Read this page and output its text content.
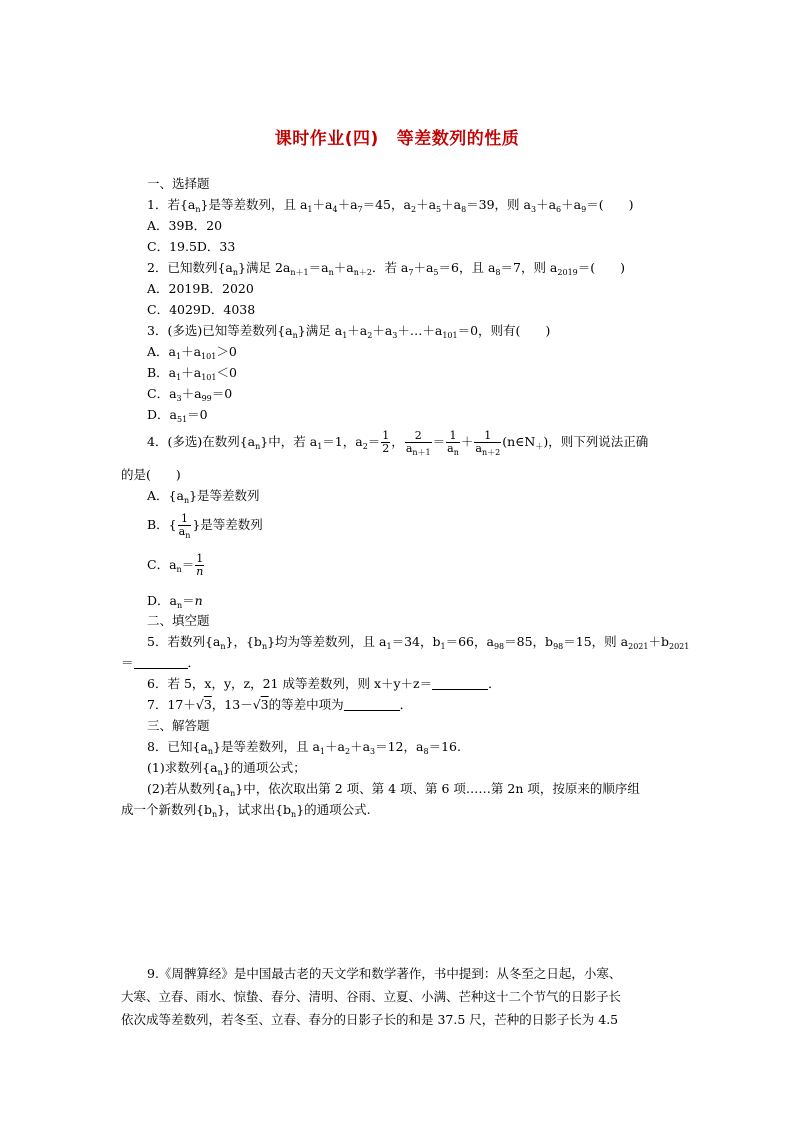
课时作业(四) 等差数列的性质
一、选择题
1．若$\{a_n\}$是等差数列，且 $a_1+a_4+a_7=45$，$a_2+a_5+a_8=39$，则 $a_3+a_6+a_9=$(　　)
A．39B．20
C．19.5D．33
2．已知数列$\{a_n\}$满足 $2a_{n+1}=a_n+a_{n+2}$．若 $a_7+a_5=6$，且 $a_8=7$，则 $a_{2019}=$(　　)
A．2019B．2020
C．4029D．4038
3．(多选)已知等差数列$\{a_n\}$满足 $a_1+a_2+a_3+\dots+a_{101}=0$，则有(　　)
A．$a_1+a_{101}>0$
B．$a_1+a_{101}<0$
C．$a_3+a_{99}=0$
D．$a_{51}=0$
4．(多选)在数列$\{a_n\}$中，若 $a_1=1$，$a_2= \frac{1}{2}$ ， $\frac{2}{a_{n+1}} = \frac{1}{a_n} + \frac{1}{a_{n+2}}$ $(n\in N_+)$，则下列说法正确
的是(　　)
A．$\{a_n\}$是等差数列
B．{ $\frac{1}{a_n}$ }是等差数列
C．$a_n= \frac{1}{n}$
D．$a_n=n$
二、填空题
5．若数列$\{a_n\}$，$\{b_n\}$均为等差数列，且 $a_1=34$，$b_1=66$，$a_{98}=85$，$b_{98}=15$，则 $a_{2021}+b_{2021}$
＝	．
6．若 5，x，y，z，21 成等差数列，则 x＋y＋z＝	．
7．17＋√3，13－√3的等差中项为	．
三、解答题
8．已知$\{a_n\}$是等差数列，且 $a_1+a_2+a_3=12$，$a_8=16$.
(1)求数列$\{a_n\}$的通项公式；
(2)若从数列$\{a_n\}$中，依次取出第 2 项、第 4 项、第 6 项……第 2n 项，按原来的顺序组
成一个新数列$\{b_n\}$，试求出$\{b_n\}$的通项公式.
9.《周髀算经》是中国最古老的天文学和数学著作，书中提到：从冬至之日起，小寒、
大寒、立春、雨水、惊蛰、春分、清明、谷雨、立夏、小满、芒种这十二个节气的日影子长
依次成等差数列，若冬至、立春、春分的日影子长的和是 37.5 尺，芒种的日影子长为 4.5
